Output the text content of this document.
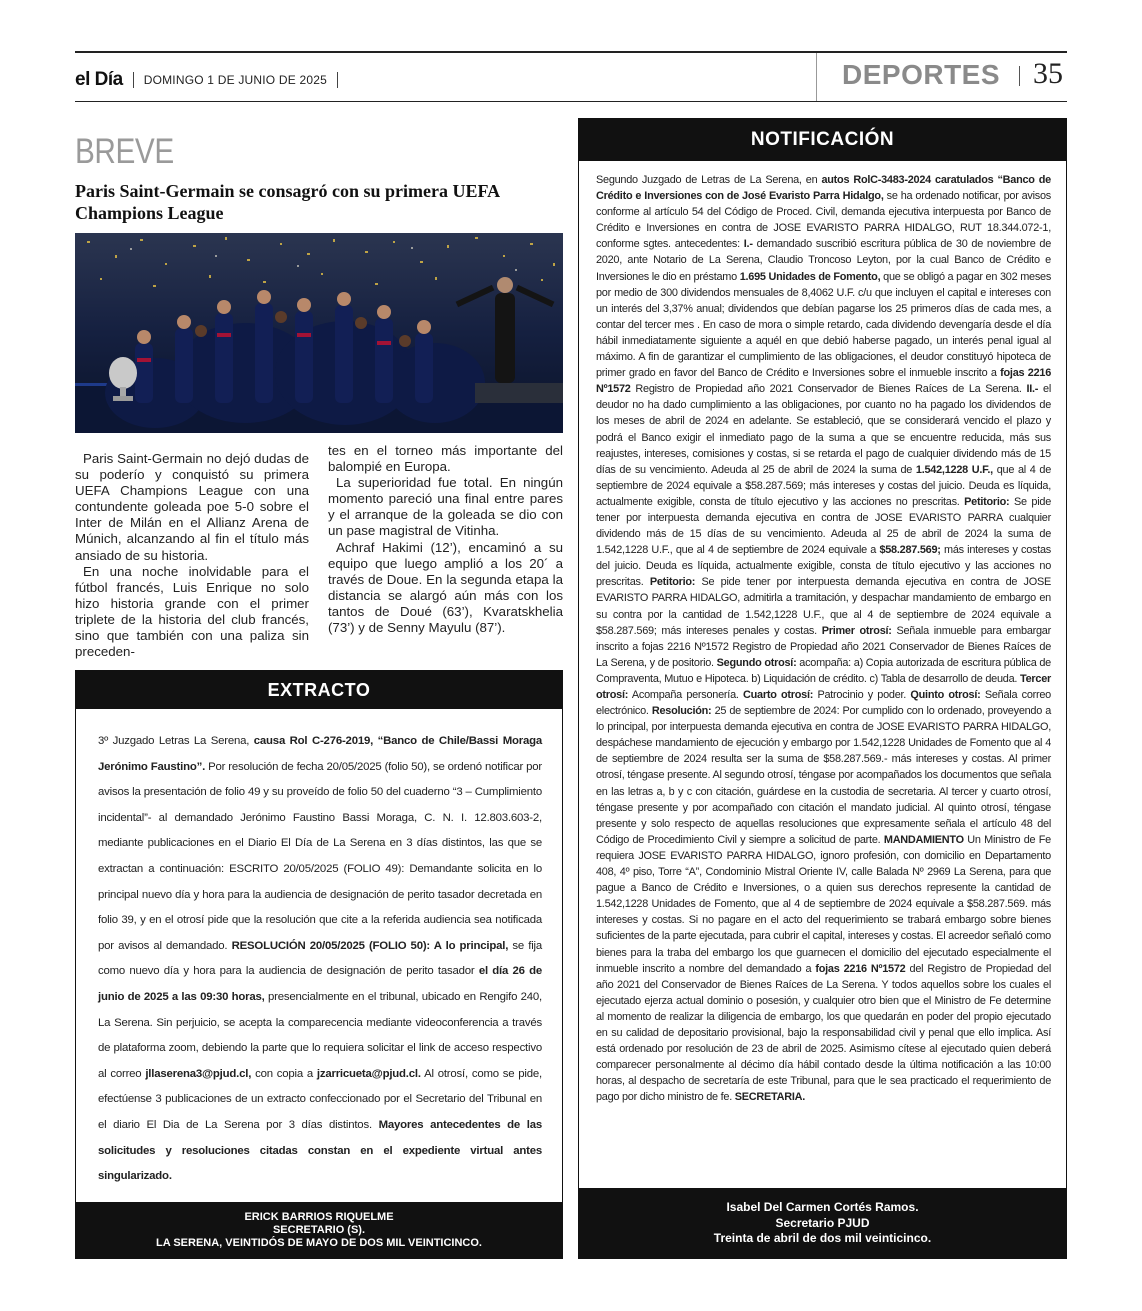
el Día DOMINGO 1 DE JUNIO DE 2025	DEPORTES 35
BREVE
Paris Saint-Germain se consagró con su primera UEFA Champions League

Paris Saint-Germain no dejó dudas de su poderío y conquistó su primera UEFA Champions League con una contundente goleada poe 5-0 sobre el Inter de Milán en el Allianz Arena de Múnich, alcanzando al fin el título más ansiado de su historia.

En una noche inolvidable para el fútbol francés, Luis Enrique no solo hizo historia grande con el primer triplete de la historia del club francés, sino que también con una paliza sin preceden-

tes en el torneo más importante del balompié en Europa.

La superioridad fue total. En ningún momento pareció una final entre pares y el arranque de la goleada se dio con un pase magistral de Vitinha.

Achraf Hakimi (12’), encaminó a su equipo que luego amplió a los 20´ a través de Doue. En la segunda etapa la distancia se alargó aún más con los tantos de Doué (63’), Kvaratskhelia (73’) y de Senny Mayulu (87’).

EXTRACTO
3º Juzgado Letras La Serena, causa Rol C-276-2019, “Banco de Chile/Bassi Moraga Jerónimo Faustino”. Por resolución de fecha 20/05/2025 (folio 50), se ordenó notificar por avisos la presentación de folio 49 y su proveído de folio 50 del cuaderno “3 – Cumplimiento incidental”- al demandado Jerónimo Faustino Bassi Moraga, C. N. I. 12.803.603-2, mediante publicaciones en el Diario El Día de La Serena en 3 días distintos, las que se extractan a continuación: ESCRITO 20/05/2025 (FOLIO 49): Demandante solicita en lo principal nuevo día y hora para la audiencia de designación de perito tasador decretada en folio 39, y en el otrosí pide que la resolución que cite a la referida audiencia sea notificada por avisos al demandado. RESOLUCIÓN 20/05/2025 (FOLIO 50): A lo principal, se fija como nuevo día y hora para la audiencia de designación de perito tasador el día 26 de junio de 2025 a las 09:30 horas, presencialmente en el tribunal, ubicado en Rengifo 240, La Serena. Sin perjuicio, se acepta la comparecencia mediante videoconferencia a través de plataforma zoom, debiendo la parte que lo requiera solicitar el link de acceso respectivo al correo jllaserena3@pjud.cl, con copia a jzarricueta@pjud.cl. Al otrosí, como se pide, efectúense 3 publicaciones de un extracto confeccionado por el Secretario del Tribunal en el diario El Dia de La Serena por 3 días distintos. Mayores antecedentes de las solicitudes y resoluciones citadas constan en el expediente virtual antes singularizado.
ERICK BARRIOS RIQUELME
SECRETARIO (S).
LA SERENA, VEINTIDÓS DE MAYO DE DOS MIL VEINTICINCO.
NOTIFICACIÓN
Segundo Juzgado de Letras de La Serena, en autos RolC-3483-2024 caratulados “Banco de Crédito e Inversiones con de José Evaristo Parra Hidalgo, se ha ordenado notificar, por avisos conforme al artículo 54 del Código de Proced. Civil, demanda ejecutiva interpuesta por Banco de Crédito e Inversiones en contra de JOSE EVARISTO PARRA HIDALGO, RUT 18.344.072-1, conforme sgtes. antecedentes: I.- demandado suscribió escritura pública de 30 de noviembre de 2020, ante Notario de La Serena, Claudio Troncoso Leyton, por la cual Banco de Crédito e Inversiones le dio en préstamo 1.695 Unidades de Fomento, que se obligó a pagar en 302 meses por medio de 300 dividendos mensuales de 8,4062 U.F. c/u que incluyen el capital e intereses con un interés del 3,37% anual; dividendos que debían pagarse los 25 primeros días de cada mes, a contar del tercer mes . En caso de mora o simple retardo, cada dividendo devengaría desde el día hábil inmediatamente siguiente a aquél en que debió haberse pagado, un interés penal igual al máximo. A fin de garantizar el cumplimiento de las obligaciones, el deudor constituyó hipoteca de primer grado en favor del Banco de Crédito e Inversiones sobre el inmueble inscrito a fojas 2216 Nº1572 Registro de Propiedad año 2021 Conservador de Bienes Raíces de La Serena. II.- el deudor no ha dado cumplimiento a las obligaciones, por cuanto no ha pagado los dividendos de los meses de abril de 2024 en adelante. Se estableció, que se considerará vencido el plazo y podrá el Banco exigir el inmediato pago de la suma a que se encuentre reducida, más sus reajustes, intereses, comisiones y costas, si se retarda el pago de cualquier dividendo más de 15 días de su vencimiento. Adeuda al 25 de abril de 2024 la suma de 1.542,1228 U.F., que al 4 de septiembre de 2024 equivale a $58.287.569; más intereses y costas del juicio. Deuda es líquida, actualmente exigible, consta de título ejecutivo y las acciones no prescritas. Petitorio: Se pide tener por interpuesta demanda ejecutiva en contra de JOSE EVARISTO PARRA cualquier dividendo más de 15 días de su vencimiento. Adeuda al 25 de abril de 2024 la suma de 1.542,1228 U.F., que al 4 de septiembre de 2024 equivale a $58.287.569; más intereses y costas del juicio. Deuda es líquida, actualmente exigible, consta de título ejecutivo y las acciones no prescritas. Petitorio: Se pide tener por interpuesta demanda ejecutiva en contra de JOSE EVARISTO PARRA HIDALGO, admitirla a tramitación, y despachar mandamiento de embargo en su contra por la cantidad de 1.542,1228 U.F., que al 4 de septiembre de 2024 equivale a $58.287.569; más intereses penales y costas. Primer otrosí: Señala inmueble para embargar inscrito a fojas 2216 Nº1572 Registro de Propiedad año 2021 Conservador de Bienes Raíces de La Serena, y de positorio. Segundo otrosí: acompaña: a) Copia autorizada de escritura pública de Compraventa, Mutuo e Hipoteca. b) Liquidación de crédito. c) Tabla de desarrollo de deuda. Tercer otrosí: Acompaña personería. Cuarto otrosí: Patrocinio y poder. Quinto otrosí: Señala correo electrónico. Resolución: 25 de septiembre de 2024: Por cumplido con lo ordenado, proveyendo a lo principal, por interpuesta demanda ejecutiva en contra de JOSE EVARISTO PARRA HIDALGO, despáchese mandamiento de ejecución y embargo por 1.542,1228 Unidades de Fomento que al 4 de septiembre de 2024 resulta ser la suma de $58.287.569.- más intereses y costas. Al primer otrosí, téngase presente. Al segundo otrosí, téngase por acompañados los documentos que señala en las letras a, b y c con citación, guárdese en la custodia de secretaria. Al tercer y cuarto otrosí, téngase presente y por acompañado con citación el mandato judicial. Al quinto otrosí, téngase presente y solo respecto de aquellas resoluciones que expresamente señala el artículo 48 del Código de Procedimiento Civil y siempre a solicitud de parte. MANDAMIENTO Un Ministro de Fe requiera JOSE EVARISTO PARRA HIDALGO, ignoro profesión, con domicilio en Departamento 408, 4º piso, Torre “A”, Condominio Mistral Oriente IV, calle Balada Nº 2969 La Serena, para que pague a Banco de Crédito e Inversiones, o a quien sus derechos represente la cantidad de 1.542,1228 Unidades de Fomento, que al 4 de septiembre de 2024 equivale a $58.287.569. más intereses y costas. Si no pagare en el acto del requerimiento se trabará embargo sobre bienes suficientes de la parte ejecutada, para cubrir el capital, intereses y costas. El acreedor señaló como bienes para la traba del embargo los que guarnecen el domicilio del ejecutado especialmente el inmueble inscrito a nombre del demandado a fojas 2216 Nº1572 del Registro de Propiedad del año 2021 del Conservador de Bienes Raíces de La Serena. Y todos aquellos sobre los cuales el ejecutado ejerza actual dominio o posesión, y cualquier otro bien que el Ministro de Fe determine al momento de realizar la diligencia de embargo, los que quedarán en poder del propio ejecutado en su calidad de depositario provisional, bajo la responsabilidad civil y penal que ello implica. Así está ordenado por resolución de 23 de abril de 2025. Asimismo cítese al ejecutado quien deberá comparecer personalmente al décimo día hábil contado desde la última notificación a las 10:00 horas, al despacho de secretaría de este Tribunal, para que le sea practicado el requerimiento de pago por dicho ministro de fe. SECRETARIA.
Isabel Del Carmen Cortés Ramos.
Secretario PJUD
Treinta de abril de dos mil veinticinco.
